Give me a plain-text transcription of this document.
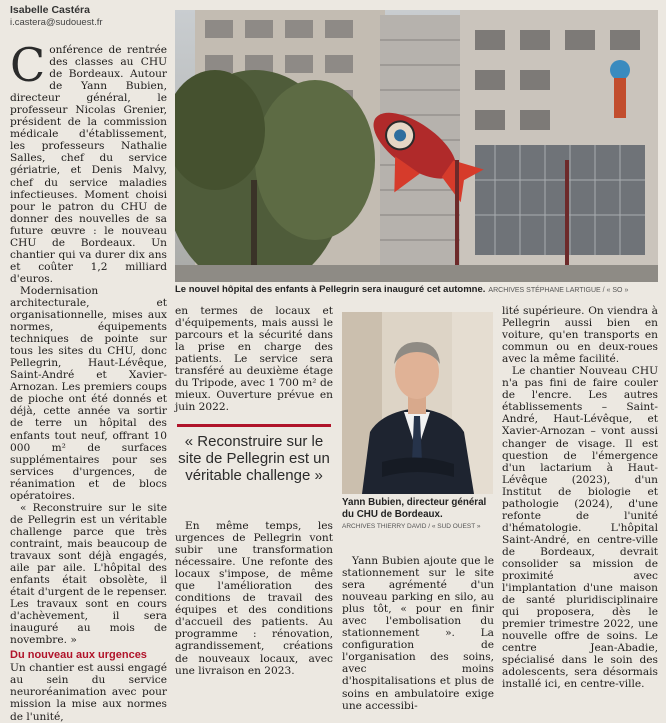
Isabelle Castéra
i.castera@sudouest.fr

Conférence de rentrée des classes au CHU de Bordeaux. Autour de Yann Bubien, directeur général, le professeur Nicolas Grenier, président de la commission médicale d'établissement, les professeurs Nathalie Salles, chef du service gériatrie, et Denis Malvy, chef du service maladies infectieuses. Moment choisi pour le patron du CHU de donner des nouvelles de sa future œuvre : le nouveau CHU de Bordeaux. Un chantier qui va durer dix ans et coûter 1,2 milliard d'euros.

Modernisation architecturale, et organisationnelle, mises aux normes, équipements techniques de pointe sur tous les sites du CHU, donc Pellegrin, Haut-Lévêque, Saint-André et Xavier-Arnozan. Les premiers coups de pioche ont été donnés et déjà, cette année va sortir de terre un hôpital des enfants tout neuf, offrant 10 000 m² de surfaces supplémentaires pour ses services d'urgences, de réanimation et de blocs opératoires.

« Reconstruire sur le site de Pellegrin est un véritable challenge parce que très contraint, mais beaucoup de travaux sont déjà engagés, aile par aile. L'hôpital des enfants était obsolète, il était d'urgent de le repenser. Les travaux sont en cours d'achèvement, il sera inauguré au mois de novembre. »

Du nouveau aux urgences

Un chantier est aussi engagé au sein du service neuroréanimation avec pour mission la mise aux normes de l'unité,

Le nouvel hôpital des enfants à Pellegrin sera inauguré cet automne. ARCHIVES STÉPHANE LARTIGUE / « SO »

en termes de locaux et d'équipements, mais aussi le parcours et la sécurité dans la prise en charge des patients. Le service sera transféré au deuxième étage du Tripode, avec 1 700 m² de mieux. Ouverture prévue en juin 2022.

« Reconstruire sur le site de Pellegrin est un véritable challenge »

En même temps, les urgences de Pellegrin vont subir une transformation nécessaire. Une refonte des locaux s'impose, de même que l'amélioration des conditions de travail des équipes et des conditions d'accueil des patients. Au programme : rénovation, agrandissement, créations de nouveaux locaux, avec une livraison en 2023.

Yann Bubien, directeur général du CHU de Bordeaux.
ARCHIVES THIERRY DAVID / « SUD OUEST »

Yann Bubien ajoute que le stationnement sur le site sera agrémenté d'un nouveau parking en silo, au plus tôt, « pour en finir avec l'embolisation du stationnement ». La configuration de l'organisation des soins, avec moins d'hospitalisations et plus de soins en ambulatoire exige une accessibi-

lité supérieure. On viendra à Pellegrin aussi bien en voiture, qu'en transports en commun ou en deux-roues avec la même facilité.

Le chantier Nouveau CHU n'a pas fini de faire couler de l'encre. Les autres établissements – Saint-André, Haut-Lévêque, et Xavier-Arnozan – vont aussi changer de visage. Il est question de l'émergence d'un lactarium à Haut-Lévêque (2023), d'un Institut de biologie et pathologie (2024), d'une refonte de l'unité d'hématologie. L'hôpital Saint-André, en centre-ville de Bordeaux, devrait consolider sa mission de proximité avec l'implantation d'une maison de santé pluridisciplinaire qui proposera, dès le premier trimestre 2022, une nouvelle offre de soins. Le centre Jean-Abadie, spécialisé dans le soin des adolescents, sera désormais installé ici, en centre-ville.
